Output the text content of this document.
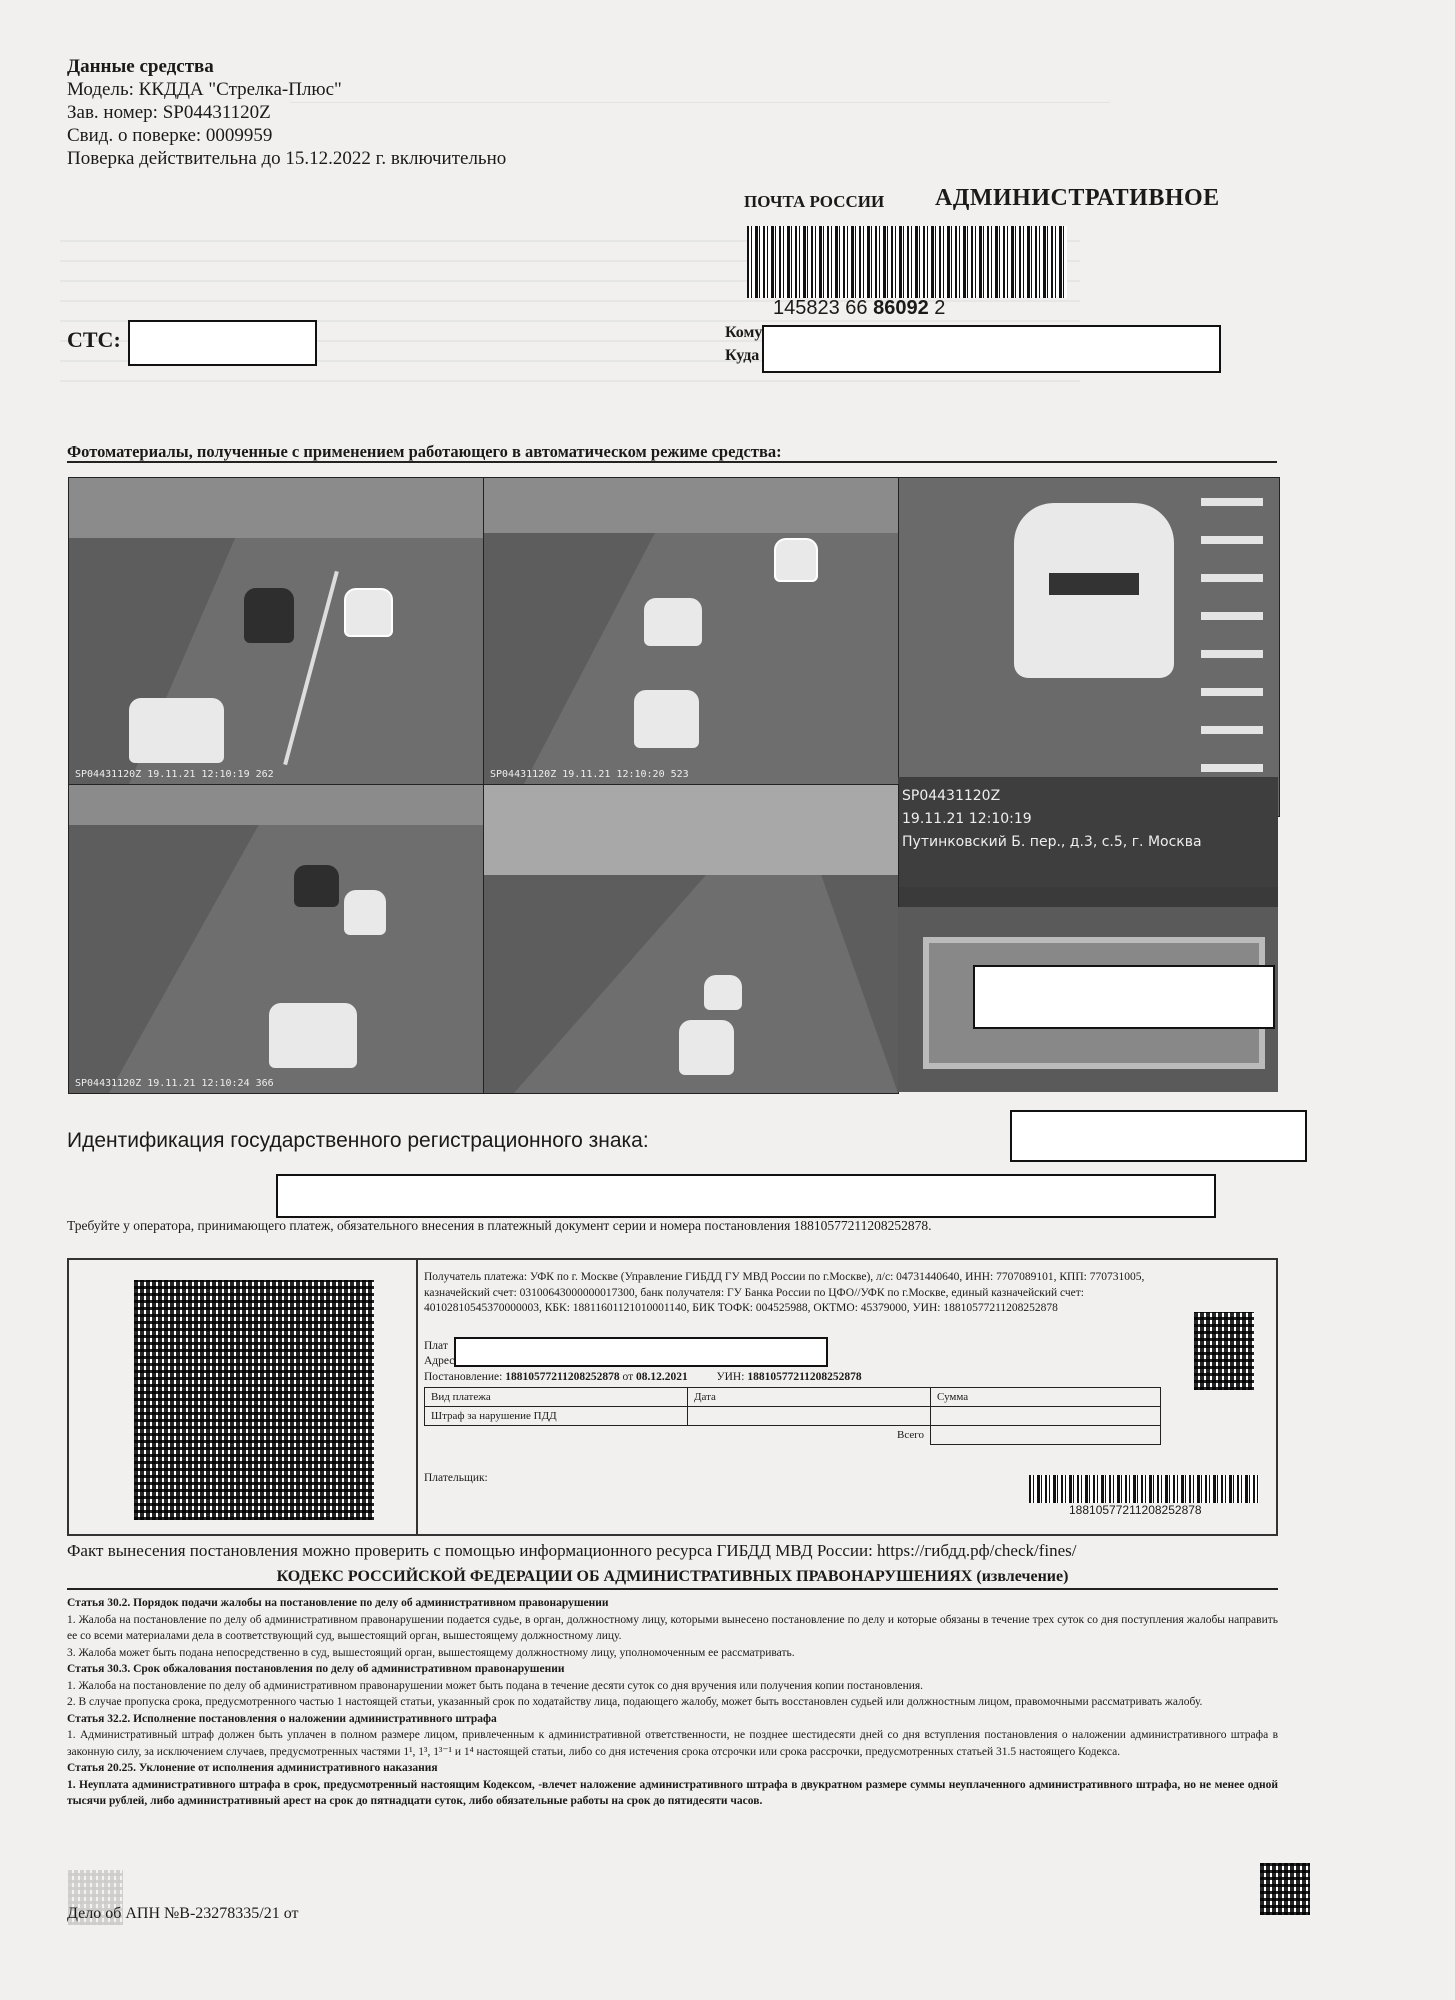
Данные средства
Модель: ККДДА "Стрелка-Плюс"
Зав. номер: SP04431120Z
Свид. о поверке: 0009959
Поверка действительна до 15.12.2022 г. включительно
ПОЧТА РОССИИ АДМИНИСТРАТИВНОЕ
145823 66 86092 2
СТС:	Кому
Куда
Фотоматериалы, полученные с применением работающего в автоматическом режиме средства:
SP04431120Z 19.11.21 12:10:19 262	SP04431120Z 19.11.21 12:10:20 523
SP04431120Z
19.11.21 12:10:19
Путинковский Б. пер., д.3, с.5, г. Москва
SP04431120Z 19.11.21 12:10:24 366
Идентификация государственного регистрационного знака:
Требуйте у оператора, принимающего платеж, обязательного внесения в платежный документ серии и номера постановления 18810577211208252878.
Получатель платежа: УФК по г. Москве (Управление ГИБДД ГУ МВД России по г.Москве), л/с: 04731440640, ИНН: 7707089101, КПП: 770731005, казначейский счет: 03100643000000017300, банк получателя: ГУ Банка России по ЦФО//УФК по г.Москве, единый казначейский счет: 40102810545370000003, КБК: 18811601121010001140, БИК ТОФК: 004525988, ОКТМО: 45379000, УИН: 18810577211208252878
Плат
Адрес
Постановление: 18810577211208252878 от 08.12.2021	УИН: 18810577211208252878
Вид платежа	Дата	Сумма
Штраф за нарушение ПДД		
Всего		
Плательщик:
18810577211208252878
Факт вынесения постановления можно проверить с помощью информационного ресурса ГИБДД МВД России: https://гибдд.рф/check/fines/
КОДЕКС РОССИЙСКОЙ ФЕДЕРАЦИИ ОБ АДМИНИСТРАТИВНЫХ ПРАВОНАРУШЕНИЯХ (извлечение)

Статья 30.2. Порядок подачи жалобы на постановление по делу об административном правонарушении

1. Жалоба на постановление по делу об административном правонарушении подается судье, в орган, должностному лицу, которыми вынесено постановление по делу и которые обязаны в течение трех суток со дня поступления жалобы направить ее со всеми материалами дела в соответствующий суд, вышестоящий орган, вышестоящему должностному лицу.

3. Жалоба может быть подана непосредственно в суд, вышестоящий орган, вышестоящему должностному лицу, уполномоченным ее рассматривать.

Статья 30.3. Срок обжалования постановления по делу об административном правонарушении

1. Жалоба на постановление по делу об административном правонарушении может быть подана в течение десяти суток со дня вручения или получения копии постановления.

2. В случае пропуска срока, предусмотренного частью 1 настоящей статьи, указанный срок по ходатайству лица, подающего жалобу, может быть восстановлен судьей или должностным лицом, правомочными рассматривать жалобу.

Статья 32.2. Исполнение постановления о наложении административного штрафа

1. Административный штраф должен быть уплачен в полном размере лицом, привлеченным к административной ответственности, не позднее шестидесяти дней со дня вступления постановления о наложении административного штрафа в законную силу, за исключением случаев, предусмотренных частями 1¹, 1³, 1³⁻¹ и 1⁴ настоящей статьи, либо со дня истечения срока отсрочки или срока рассрочки, предусмотренных статьей 31.5 настоящего Кодекса.

Статья 20.25. Уклонение от исполнения административного наказания

1. Неуплата административного штрафа в срок, предусмотренный настоящим Кодексом, -влечет наложение административного штрафа в двукратном размере суммы неуплаченного административного штрафа, но не менее одной тысячи рублей, либо административный арест на срок до пятнадцати суток, либо обязательные работы на срок до пятидесяти часов.

Дело об АПН №В-23278335/21 от
